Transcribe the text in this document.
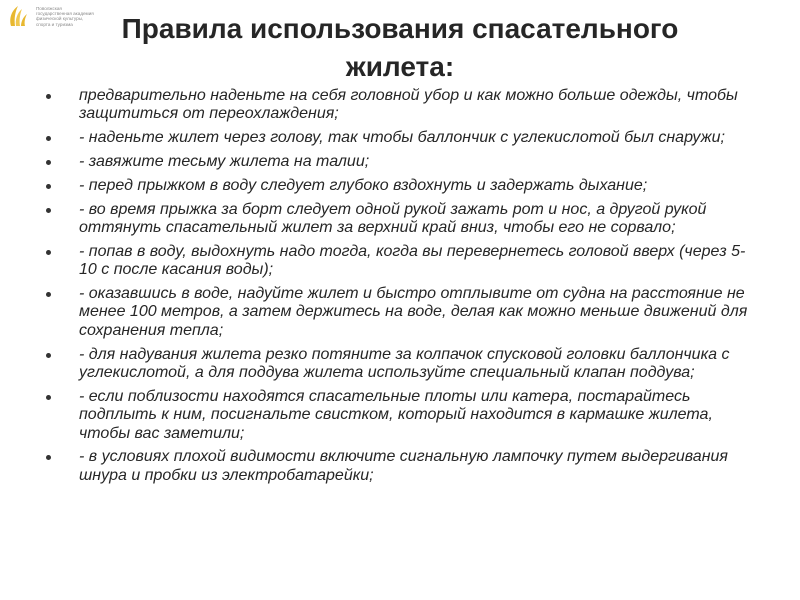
Поволжская
государственная академия
физической культуры,
спорта и туризма	Правила использования спасательного жилета:
предварительно наденьте на себя головной убор и как можно больше одежды, чтобы защититься от переохлаждения;
- наденьте жилет через голову, так чтобы баллончик с углекислотой был снаружи;
- завяжите тесьму жилета на талии;
- перед прыжком в воду следует глубоко вздохнуть и задержать дыхание;
- во время прыжка за борт следует одной рукой зажать рот и нос, а другой рукой оттянуть спасательный жилет за верхний край вниз, чтобы его не сорвало;
- попав в воду, выдохнуть надо тогда, когда вы перевернетесь головой вверх (через 5-10 с после касания воды);
- оказавшись в воде, надуйте жилет и быстро отплывите от судна на расстояние не менее 100 метров, а затем держитесь на воде, делая как можно меньше движений для сохранения тепла;
- для надувания жилета резко потяните за колпачок спусковой головки баллончика с углекислотой, а для поддува жилета используйте специальный клапан поддува;
- если поблизости находятся спасательные плоты или катера, постарайтесь подплыть к ним, посигнальте свистком, который находится в кармашке жилета, чтобы вас заметили;
- в условиях плохой видимости включите сигнальную лампочку путем выдергивания шнура и пробки из электробатарейки;
